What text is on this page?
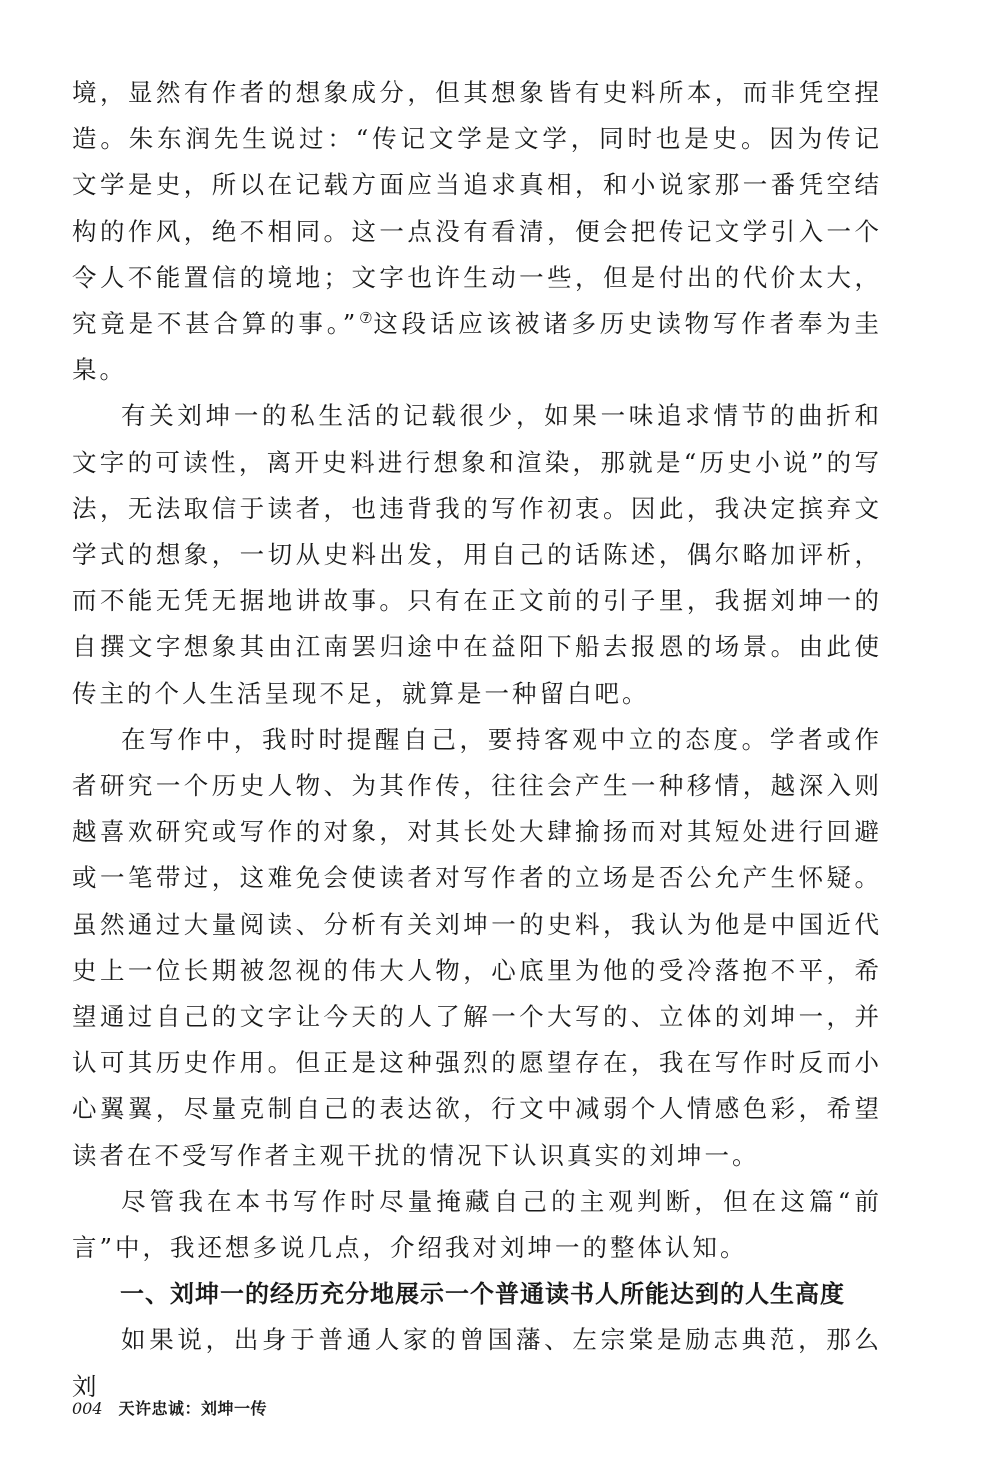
境，显然有作者的想象成分，但其想象皆有史料所本，而非凭空捏造。朱东润先生说过：“传记文学是文学，同时也是史。因为传记文学是史，所以在记载方面应当追求真相，和小说家那一番凭空结构的作风，绝不相同。这一点没有看清，便会把传记文学引入一个令人不能置信的境地；文字也许生动一些，但是付出的代价太大，究竟是不甚合算的事。”⑦这段话应该被诸多历史读物写作者奉为圭臬。

有关刘坤一的私生活的记载很少，如果一味追求情节的曲折和文字的可读性，离开史料进行想象和渲染，那就是“历史小说”的写法，无法取信于读者，也违背我的写作初衷。因此，我决定摈弃文学式的想象，一切从史料出发，用自己的话陈述，偶尔略加评析，而不能无凭无据地讲故事。只有在正文前的引子里，我据刘坤一的自撰文字想象其由江南罢归途中在益阳下船去报恩的场景。由此使传主的个人生活呈现不足，就算是一种留白吧。

在写作中，我时时提醒自己，要持客观中立的态度。学者或作者研究一个历史人物、为其作传，往往会产生一种移情，越深入则越喜欢研究或写作的对象，对其长处大肆揄扬而对其短处进行回避或一笔带过，这难免会使读者对写作者的立场是否公允产生怀疑。虽然通过大量阅读、分析有关刘坤一的史料，我认为他是中国近代史上一位长期被忽视的伟大人物，心底里为他的受冷落抱不平，希望通过自己的文字让今天的人了解一个大写的、立体的刘坤一，并认可其历史作用。但正是这种强烈的愿望存在，我在写作时反而小心翼翼，尽量克制自己的表达欲，行文中减弱个人情感色彩，希望读者在不受写作者主观干扰的情况下认识真实的刘坤一。

尽管我在本书写作时尽量掩藏自己的主观判断，但在这篇“前言”中，我还想多说几点，介绍我对刘坤一的整体认知。

一、刘坤一的经历充分地展示一个普通读书人所能达到的人生高度

如果说，出身于普通人家的曾国藩、左宗棠是励志典范，那么刘

004 天许忠诚：刘坤一传
